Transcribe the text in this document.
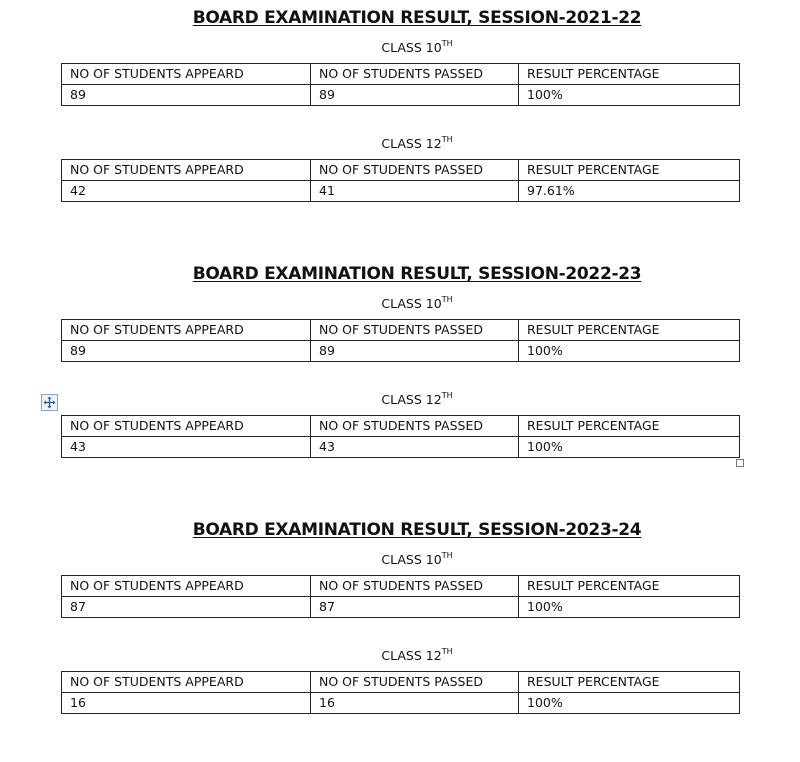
BOARD EXAMINATION RESULT, SESSION-2021-22
CLASS 10TH
NO OF STUDENTS APPEARD	NO OF STUDENTS PASSED	RESULT PERCENTAGE
89	89	100%
CLASS 12TH
NO OF STUDENTS APPEARD	NO OF STUDENTS PASSED	RESULT PERCENTAGE
42	41	97.61%
BOARD EXAMINATION RESULT, SESSION-2022-23
CLASS 10TH
NO OF STUDENTS APPEARD	NO OF STUDENTS PASSED	RESULT PERCENTAGE
89	89	100%
CLASS 12TH
NO OF STUDENTS APPEARD	NO OF STUDENTS PASSED	RESULT PERCENTAGE
43	43	100%
BOARD EXAMINATION RESULT, SESSION-2023-24
CLASS 10TH
NO OF STUDENTS APPEARD	NO OF STUDENTS PASSED	RESULT PERCENTAGE
87	87	100%
CLASS 12TH
NO OF STUDENTS APPEARD	NO OF STUDENTS PASSED	RESULT PERCENTAGE
16	16	100%
